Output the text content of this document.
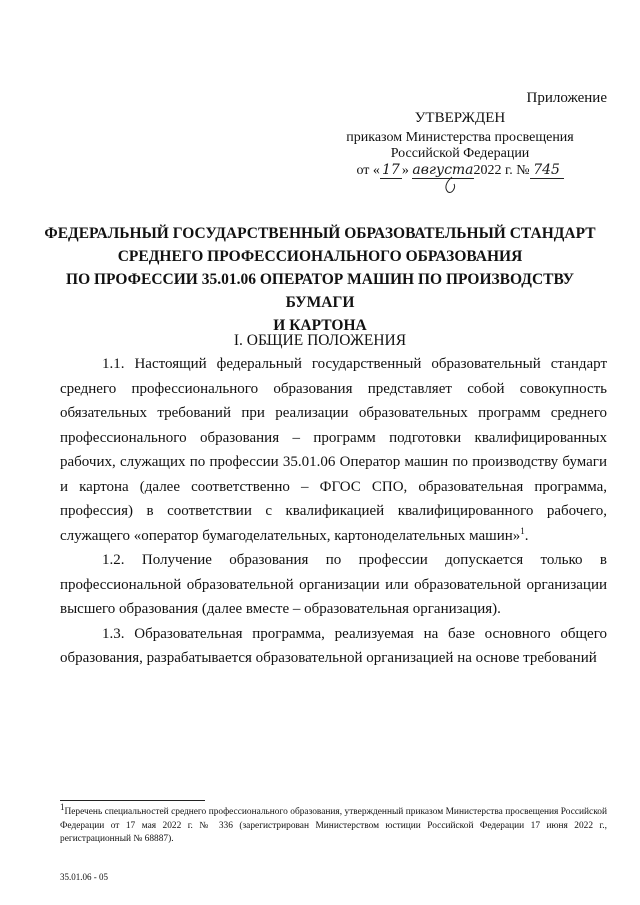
Приложение
УТВЕРЖДЕН
приказом Министерства просвещения
Российской Федерации
от « 17 » августа2022 г. № 745
ФЕДЕРАЛЬНЫЙ ГОСУДАРСТВЕННЫЙ ОБРАЗОВАТЕЛЬНЫЙ СТАНДАРТ
СРЕДНЕГО ПРОФЕССИОНАЛЬНОГО ОБРАЗОВАНИЯ
ПО ПРОФЕССИИ 35.01.06 ОПЕРАТОР МАШИН ПО ПРОИЗВОДСТВУ БУМАГИ
И КАРТОНА
I. ОБЩИЕ ПОЛОЖЕНИЯ

1.1. Настоящий федеральный государственный образовательный стандарт среднего профессионального образования представляет собой совокупность обязательных требований при реализации образовательных программ среднего профессионального образования – программ подготовки квалифицированных рабочих, служащих по профессии 35.01.06 Оператор машин по производству бумаги и картона (далее соответственно – ФГОС СПО, образовательная программа, профессия) в соответствии с квалификацией квалифицированного рабочего, служащего «оператор бумагоделательных, картоноделательных машин»$^1$.

1.2. Получение образования по профессии допускается только в профессиональной образовательной организации или образовательной организации высшего образования (далее вместе – образовательная организация).

1.3. Образовательная программа, реализуемая на базе основного общего образования, разрабатывается образовательной организацией на основе требований

$^1$Перечень специальностей среднего профессионального образования, утвержденный приказом Министерства просвещения Российской Федерации от 17 мая 2022 г. № 336 (зарегистрирован Министерством юстиции Российской Федерации 17 июня 2022 г., регистрационный № 68887).
35.01.06 - 05
